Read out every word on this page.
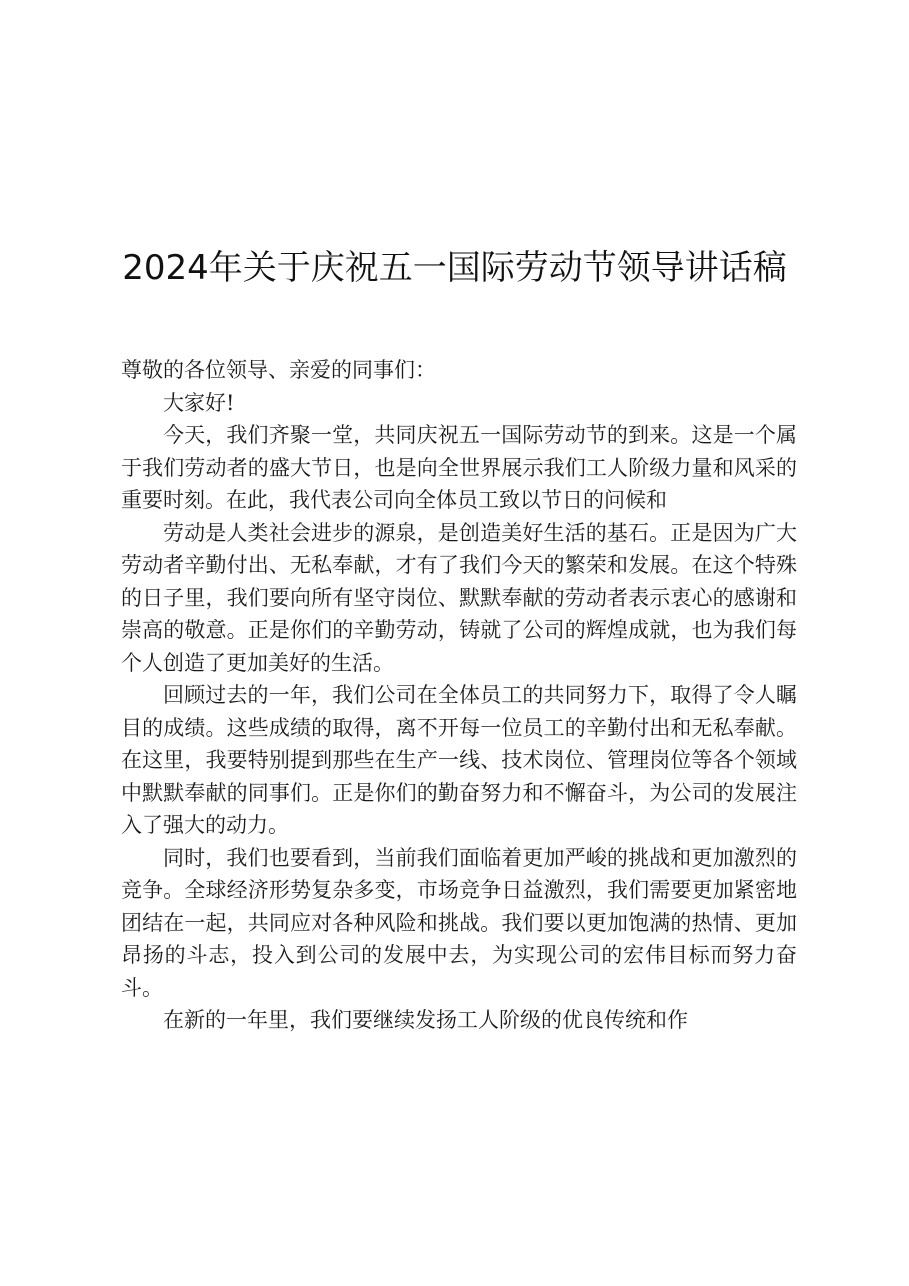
2024年关于庆祝五一国际劳动节领导讲话稿

尊敬的各位领导、亲爱的同事们：

大家好!

今天，我们齐聚一堂，共同庆祝五一国际劳动节的到来。这是一个属于我们劳动者的盛大节日，也是向全世界展示我们工人阶级力量和风采的重要时刻。在此，我代表公司向全体员工致以节日的问候和

劳动是人类社会进步的源泉，是创造美好生活的基石。正是因为广大劳动者辛勤付出、无私奉献，才有了我们今天的繁荣和发展。在这个特殊的日子里，我们要向所有坚守岗位、默默奉献的劳动者表示衷心的感谢和崇高的敬意。正是你们的辛勤劳动，铸就了公司的辉煌成就，也为我们每个人创造了更加美好的生活。

回顾过去的一年，我们公司在全体员工的共同努力下，取得了令人瞩目的成绩。这些成绩的取得，离不开每一位员工的辛勤付出和无私奉献。在这里，我要特别提到那些在生产一线、技术岗位、管理岗位等各个领域中默默奉献的同事们。正是你们的勤奋努力和不懈奋斗，为公司的发展注入了强大的动力。

同时，我们也要看到，当前我们面临着更加严峻的挑战和更加激烈的竞争。全球经济形势复杂多变，市场竞争日益激烈，我们需要更加紧密地团结在一起，共同应对各种风险和挑战。我们要以更加饱满的热情、更加昂扬的斗志，投入到公司的发展中去，为实现公司的宏伟目标而努力奋斗。

在新的一年里，我们要继续发扬工人阶级的优良传统和作
